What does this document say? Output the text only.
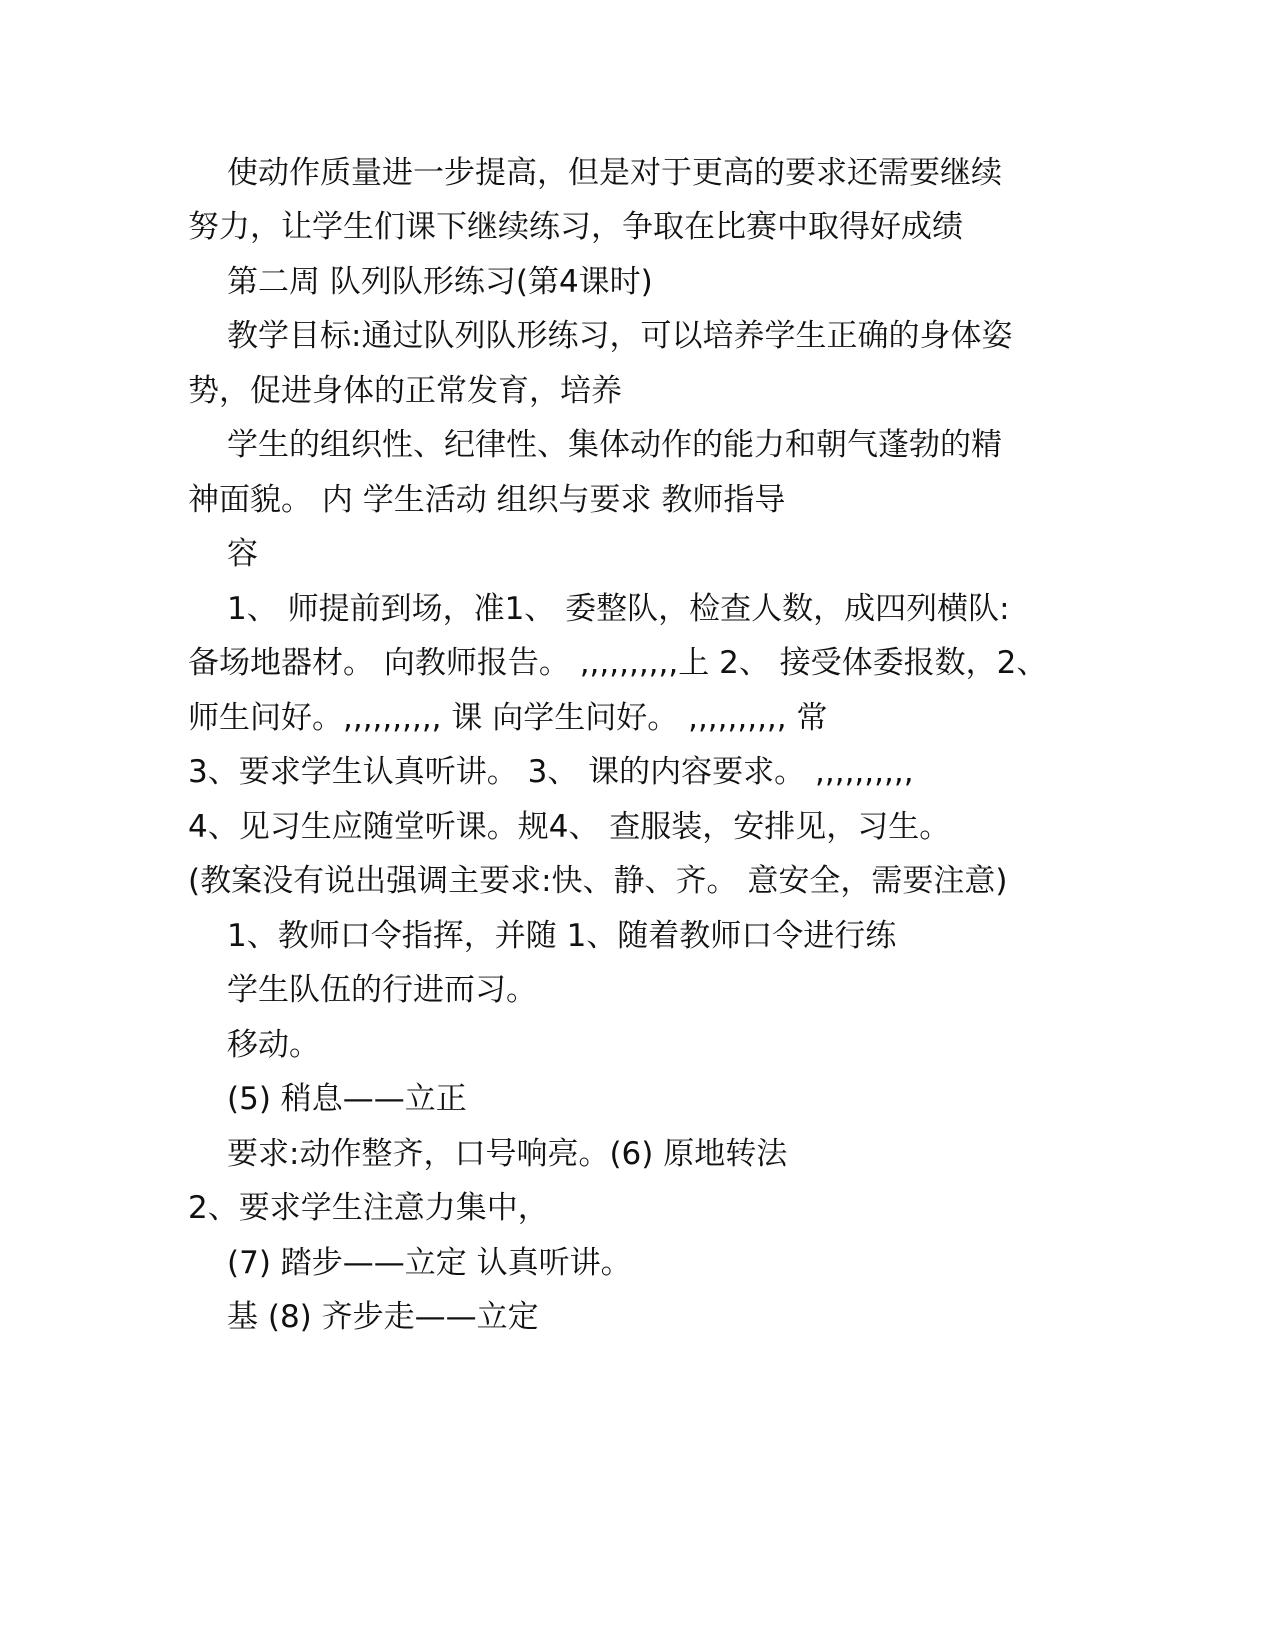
使动作质量进一步提高，但是对于更高的要求还需要继续
努力，让学生们课下继续练习，争取在比赛中取得好成绩
第二周 队列队形练习(第4课时)
教学目标:通过队列队形练习，可以培养学生正确的身体姿
势，促进身体的正常发育，培养
学生的组织性、纪律性、集体动作的能力和朝气蓬勃的精
神面貌。 内 学生活动 组织与要求 教师指导
容
1、 师提前到场，准1、 委整队，检查人数，成四列横队:
备场地器材。 向教师报告。 ,,,,,,,,,,上 2、 接受体委报数，2、
师生问好。,,,,,,,,,, 课 向学生问好。 ,,,,,,,,,, 常
3、要求学生认真听讲。 3、 课的内容要求。 ,,,,,,,,,,
4、见习生应随堂听课。规4、 查服装，安排见，习生。
(教案没有说出强调主要求:快、静、齐。 意安全，需要注意)
1、教师口令指挥，并随 1、随着教师口令进行练
学生队伍的行进而习。
移动。
(5) 稍息——立正
要求:动作整齐，口号响亮。(6) 原地转法
2、要求学生注意力集中，
(7) 踏步——立定 认真听讲。
基 (8) 齐步走——立定
